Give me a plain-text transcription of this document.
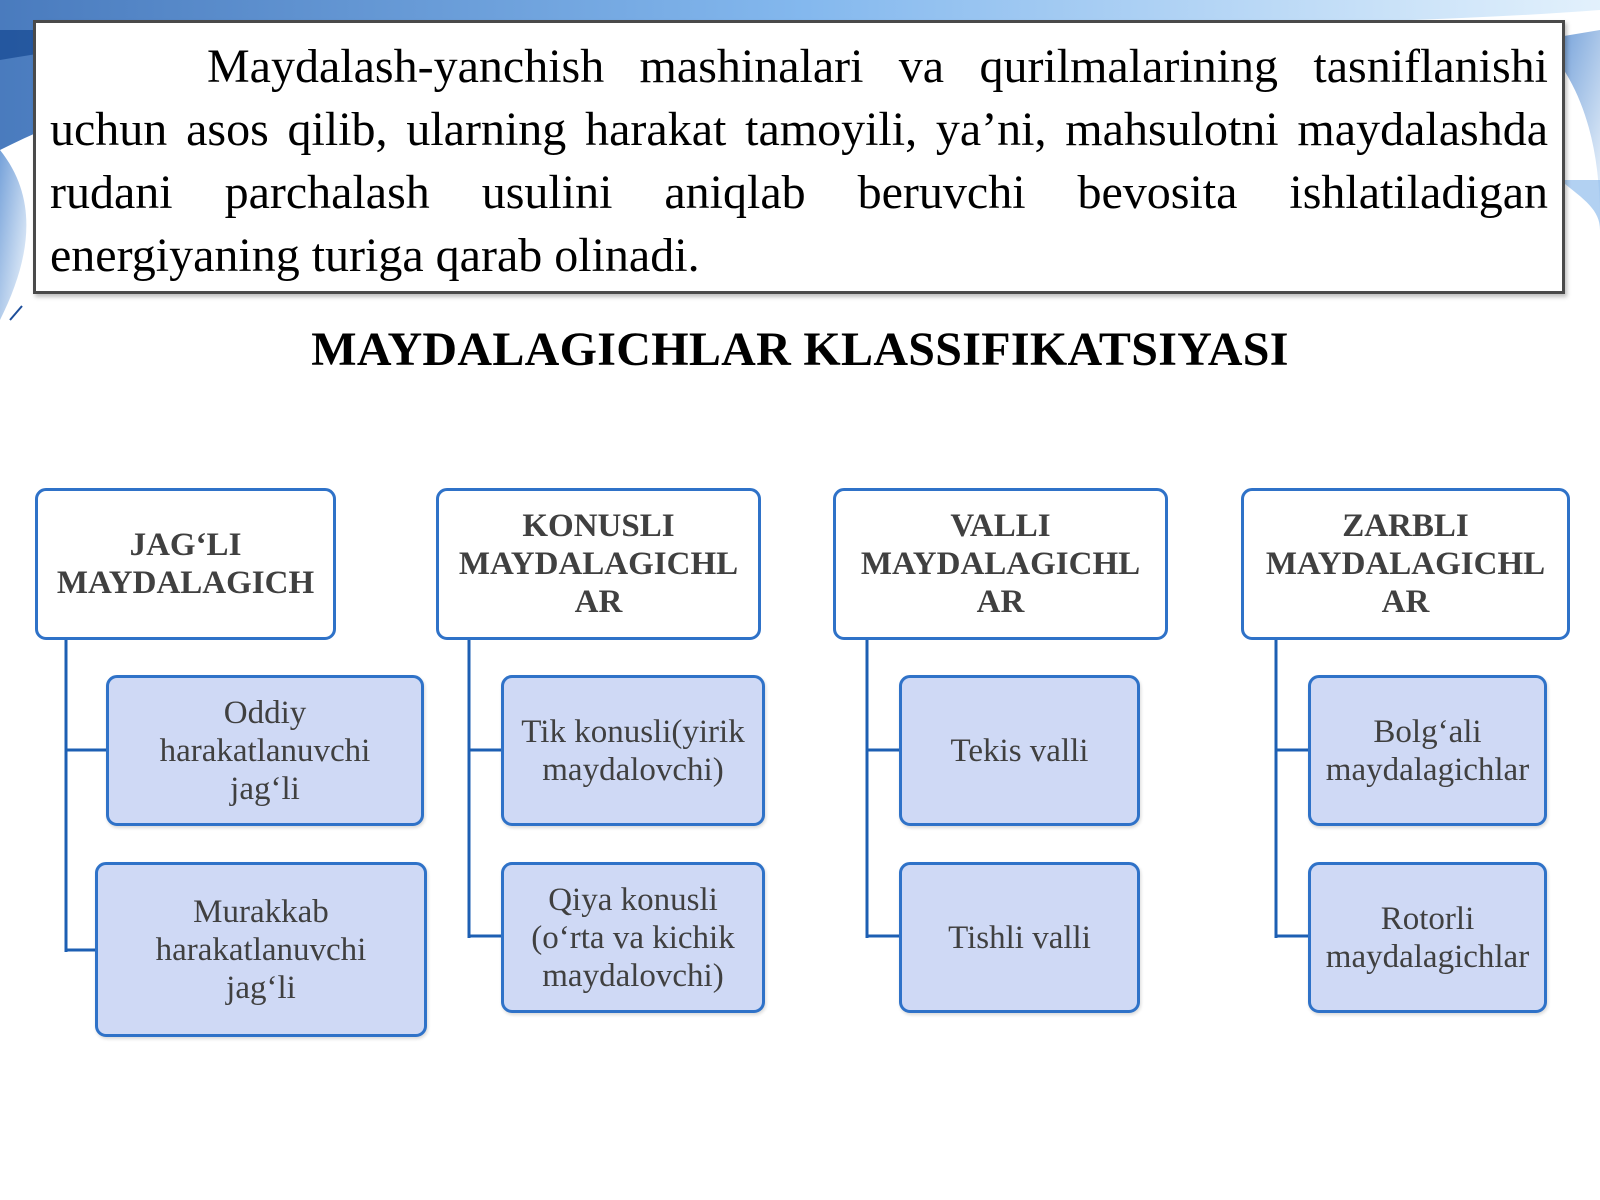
Maydalash-yanchish mashinalari va qurilmalarining tasniflanishi uchun asos qilib, ularning harakat tamoyili, ya’ni, mahsulotni maydalashda rudani parchalash usulini aniqlab beruvchi bevosita ishlatiladigan energiyaning turiga qarab olinadi.

MAYDALAGICHLAR KLASSIFIKATSIYASI
JAG‘LI
MAYDALAGICH
KONUSLI
MAYDALAGICHL
AR
VALLI
MAYDALAGICHL
AR
ZARBLI
MAYDALAGICHL
AR
Oddiy
harakatlanuvchi
jag‘li
Murakkab
harakatlanuvchi
jag‘li
Tik konusli(yirik
maydalovchi)
Qiya konusli
(o‘rta va kichik
maydalovchi)
Tekis valli
Tishli valli
Bolg‘ali
maydalagichlar
Rotorli
maydalagichlar
